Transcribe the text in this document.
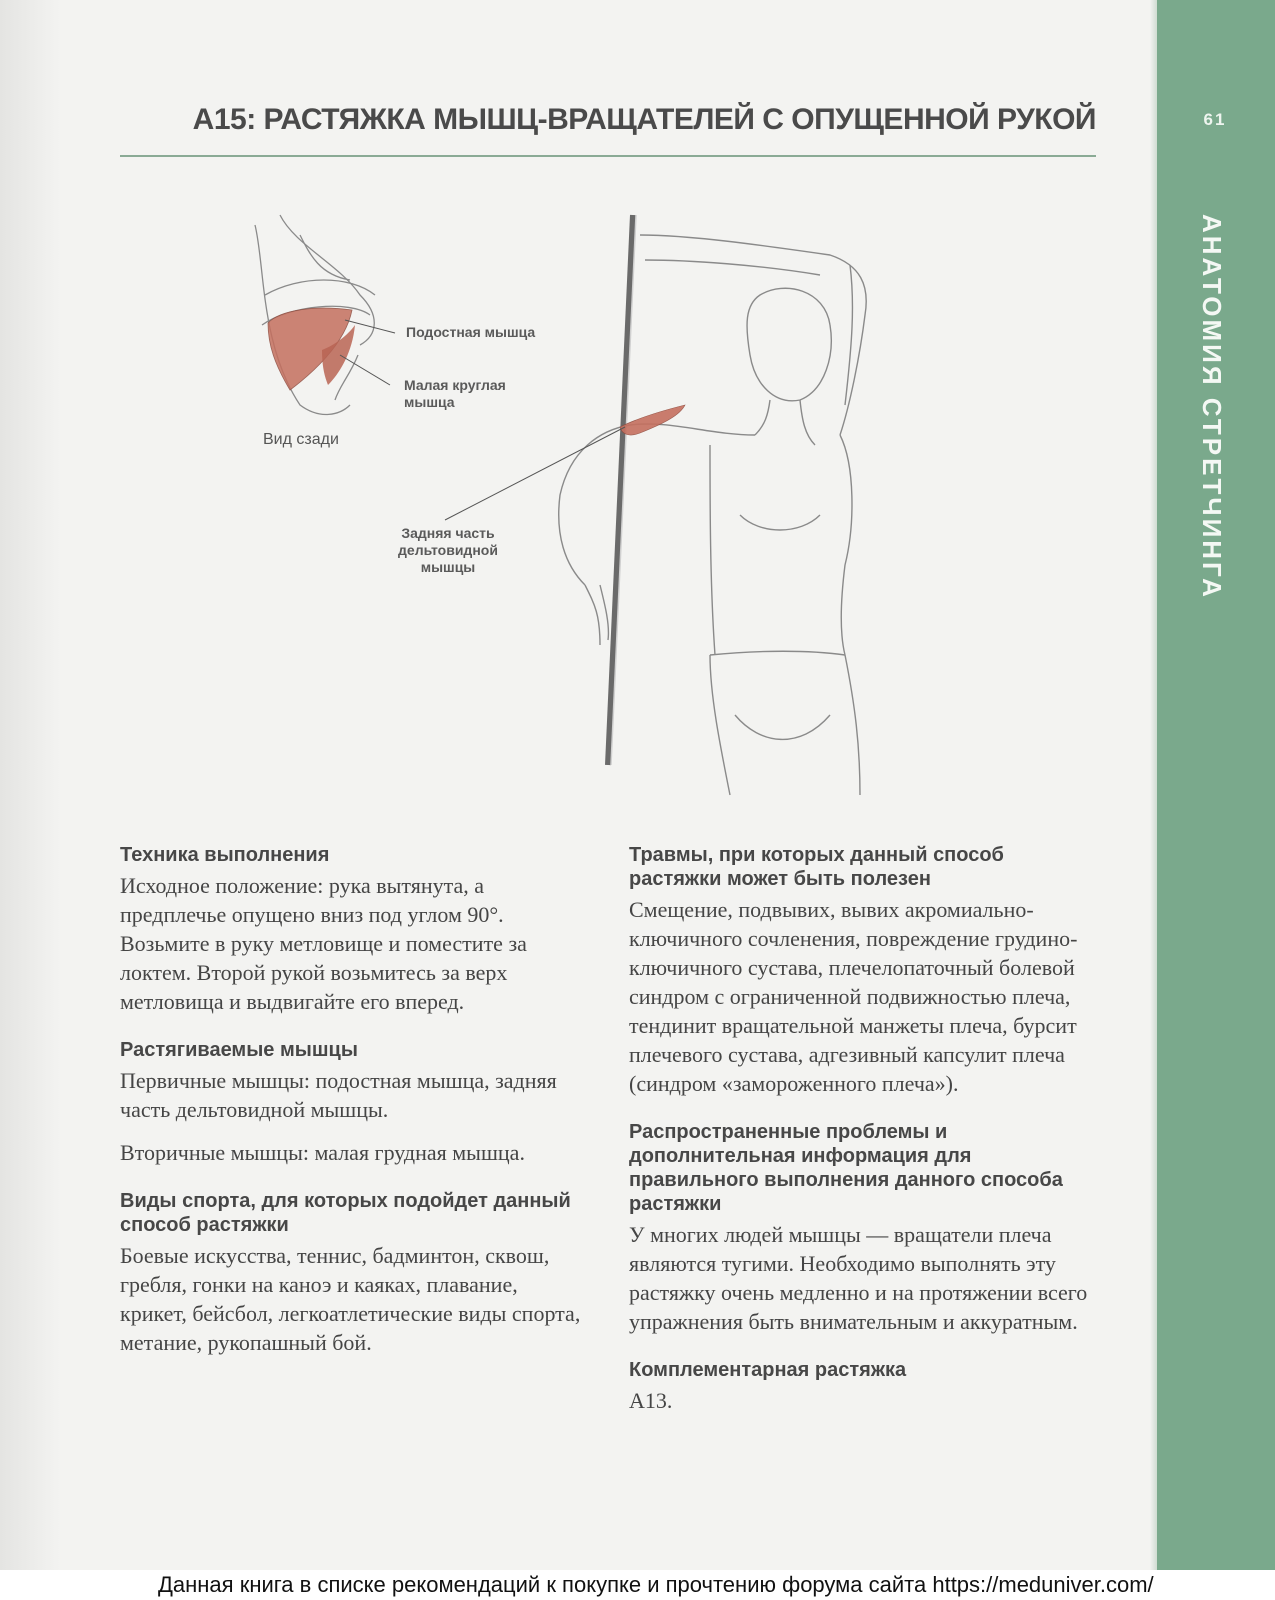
61
АНАТОМИЯ СТРЕТЧИНГА
А15: РАСТЯЖКА МЫШЦ-ВРАЩАТЕЛЕЙ С ОПУЩЕННОЙ РУКОЙ
Подостная мышца
Малая круглая
мышца
Задняя часть
дельтовидной
мышцы
Вид сзади
Техника выполнения

Исходное положение: рука вытянута, а предплечье опущено вниз под углом 90°. Возьмите в руку метловище и поместите за локтем. Второй рукой возьмитесь за верх метловища и выдвигайте его вперед.

Растягиваемые мышцы

Первичные мышцы: подостная мышца, задняя часть дельтовидной мышцы.

Вторичные мышцы: малая грудная мышца.

Виды спорта, для которых подойдет данный способ растяжки

Боевые искусства, теннис, бадминтон, сквош, гребля, гонки на каноэ и каяках, плавание, крикет, бейсбол, легкоатлетические виды спорта, метание, рукопашный бой.

Травмы, при которых данный способ растяжки может быть полезен

Смещение, подвывих, вывих акромиально-ключичного сочленения, повреждение грудино-ключичного сустава, плечелопаточный болевой синдром с ограниченной подвижностью плеча, тендинит вращательной манжеты плеча, бурсит плечевого сустава, адгезивный капсулит плеча (синдром «замороженного плеча»).

Распространенные проблемы и дополнительная информация для правильного выполнения данного способа растяжки

У многих людей мышцы — вращатели плеча являются тугими. Необходимо выполнять эту растяжку очень медленно и на протяжении всего упражнения быть внимательным и аккуратным.

Комплементарная растяжка

А13.

Данная книга в списке рекомендаций к покупке и прочтению форума сайта https://meduniver.com/
